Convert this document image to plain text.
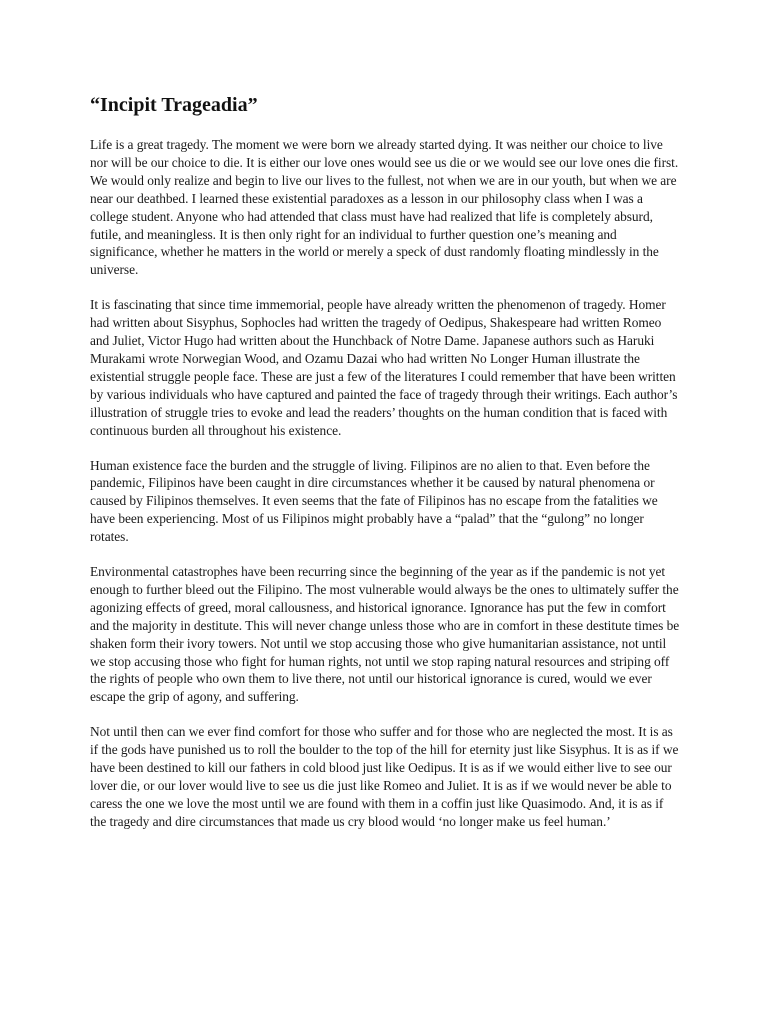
“Incipit Trageadia”

Life is a great tragedy. The moment we were born we already started dying. It was neither our choice to live nor will be our choice to die. It is either our love ones would see us die or we would see our love ones die first. We would only realize and begin to live our lives to the fullest, not when we are in our youth, but when we are near our deathbed. I learned these existential paradoxes as a lesson in our philosophy class when I was a college student. Anyone who had attended that class must have had realized that life is completely absurd, futile, and meaningless. It is then only right for an individual to further question one’s meaning and significance, whether he matters in the world or merely a speck of dust randomly floating mindlessly in the universe.

It is fascinating that since time immemorial, people have already written the phenomenon of tragedy. Homer had written about Sisyphus, Sophocles had written the tragedy of Oedipus, Shakespeare had written Romeo and Juliet, Victor Hugo had written about the Hunchback of Notre Dame. Japanese authors such as Haruki Murakami wrote Norwegian Wood, and Ozamu Dazai who had written No Longer Human illustrate the existential struggle people face. These are just a few of the literatures I could remember that have been written by various individuals who have captured and painted the face of tragedy through their writings. Each author’s illustration of struggle tries to evoke and lead the readers’ thoughts on the human condition that is faced with continuous burden all throughout his existence.

Human existence face the burden and the struggle of living. Filipinos are no alien to that. Even before the pandemic, Filipinos have been caught in dire circumstances whether it be caused by natural phenomena or caused by Filipinos themselves. It even seems that the fate of Filipinos has no escape from the fatalities we have been experiencing. Most of us Filipinos might probably have a “palad” that the “gulong” no longer rotates.

Environmental catastrophes have been recurring since the beginning of the year as if the pandemic is not yet enough to further bleed out the Filipino. The most vulnerable would always be the ones to ultimately suffer the agonizing effects of greed, moral callousness, and historical ignorance. Ignorance has put the few in comfort and the majority in destitute. This will never change unless those who are in comfort in these destitute times be shaken form their ivory towers. Not until we stop accusing those who give humanitarian assistance, not until we stop accusing those who fight for human rights, not until we stop raping natural resources and striping off the rights of people who own them to live there, not until our historical ignorance is cured, would we ever escape the grip of agony, and suffering.

Not until then can we ever find comfort for those who suffer and for those who are neglected the most. It is as if the gods have punished us to roll the boulder to the top of the hill for eternity just like Sisyphus. It is as if we have been destined to kill our fathers in cold blood just like Oedipus. It is as if we would either live to see our lover die, or our lover would live to see us die just like Romeo and Juliet. It is as if we would never be able to caress the one we love the most until we are found with them in a coffin just like Quasimodo. And, it is as if the tragedy and dire circumstances that made us cry blood would ‘no longer make us feel human.’
